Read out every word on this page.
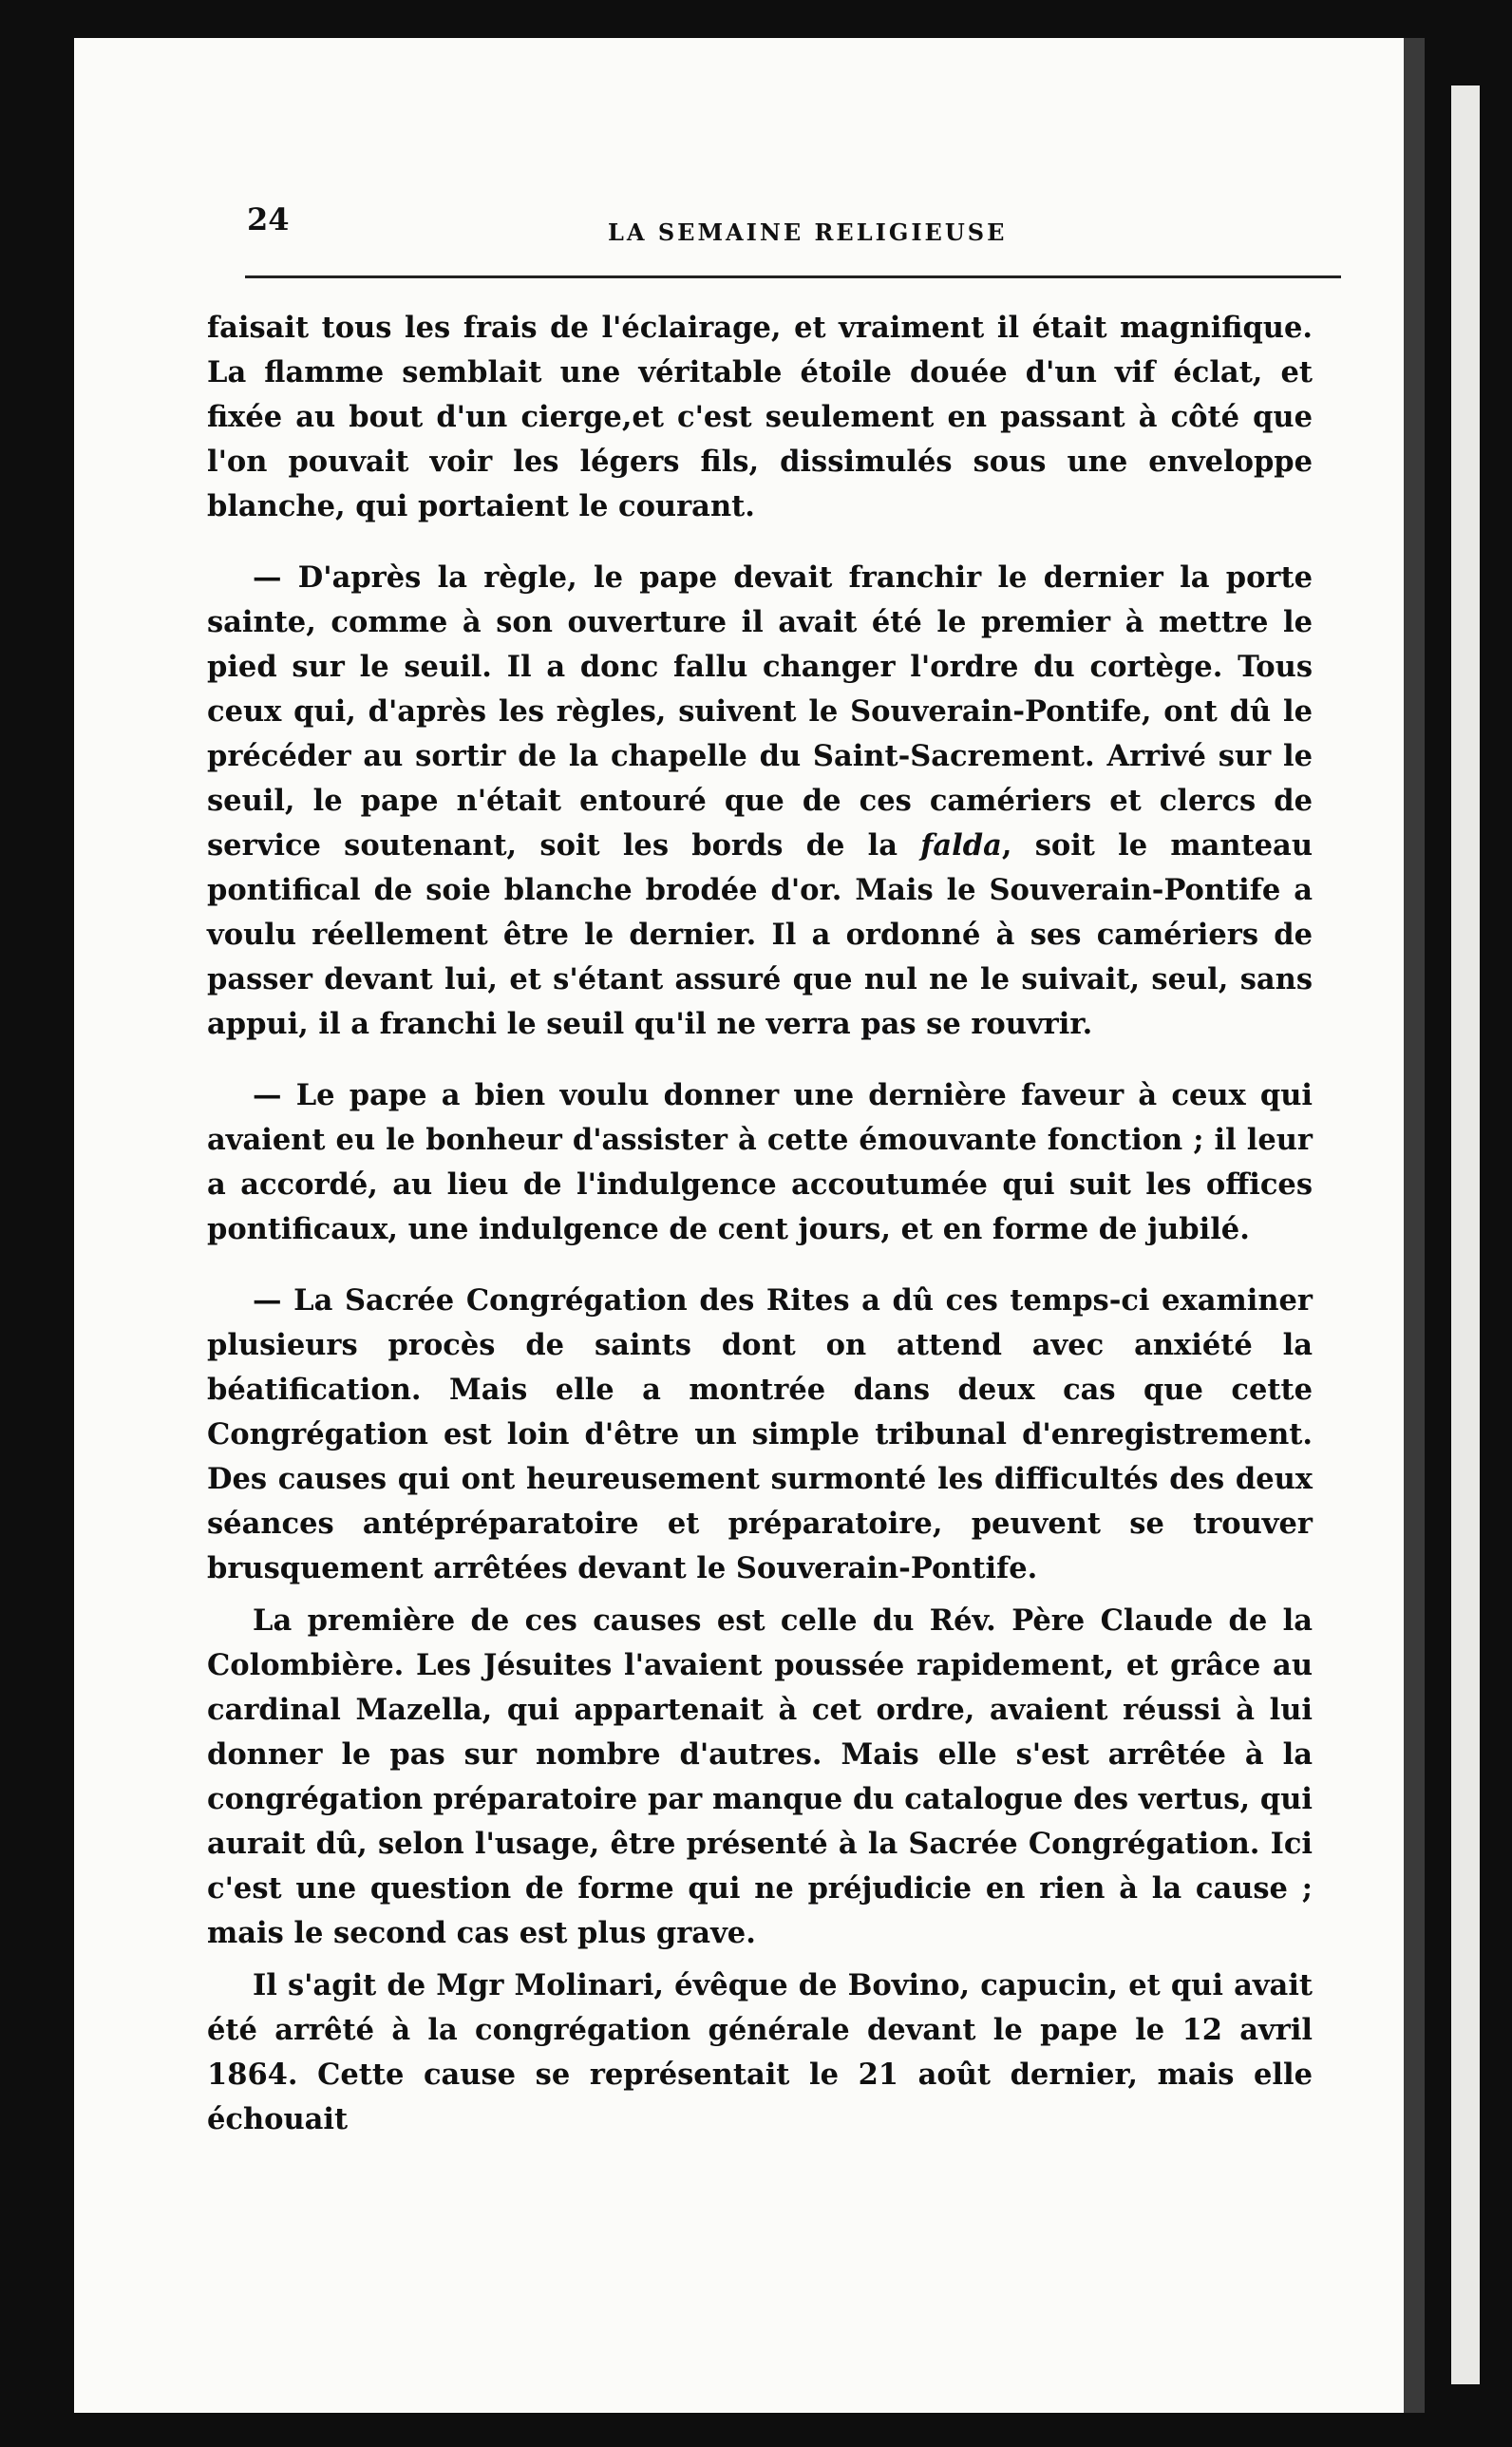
24	LA SEMAINE RELIGIEUSE

faisait tous les frais de l'éclairage, et vraiment il était magnifique. La flamme semblait une véritable étoile douée d'un vif éclat, et fixée au bout d'un cierge,et c'est seulement en passant à côté que l'on pouvait voir les légers fils, dissimulés sous une enveloppe blanche, qui portaient le courant.

— D'après la règle, le pape devait franchir le dernier la porte sainte, comme à son ouverture il avait été le premier à mettre le pied sur le seuil. Il a donc fallu changer l'ordre du cortège. Tous ceux qui, d'après les règles, suivent le Souverain-Pontife, ont dû le précéder au sortir de la chapelle du Saint-Sacrement. Arrivé sur le seuil, le pape n'était entouré que de ces camériers et clercs de service soutenant, soit les bords de la falda, soit le manteau pontifical de soie blanche brodée d'or. Mais le Souverain-Pontife a voulu réellement être le dernier. Il a ordonné à ses camériers de passer devant lui, et s'étant assuré que nul ne le suivait, seul, sans appui, il a franchi le seuil qu'il ne verra pas se rouvrir.

— Le pape a bien voulu donner une dernière faveur à ceux qui avaient eu le bonheur d'assister à cette émouvante fonction ; il leur a accordé, au lieu de l'indulgence accoutumée qui suit les offices pontificaux, une indulgence de cent jours, et en forme de jubilé.

— La Sacrée Congrégation des Rites a dû ces temps-ci examiner plusieurs procès de saints dont on attend avec anxiété la béatification. Mais elle a montrée dans deux cas que cette Congrégation est loin d'être un simple tribunal d'enregistrement. Des causes qui ont heureusement surmonté les difficultés des deux séances antépréparatoire et préparatoire, peuvent se trouver brusquement arrêtées devant le Souverain-Pontife.

La première de ces causes est celle du Rév. Père Claude de la Colombière. Les Jésuites l'avaient poussée rapidement, et grâce au cardinal Mazella, qui appartenait à cet ordre, avaient réussi à lui donner le pas sur nombre d'autres. Mais elle s'est arrêtée à la congrégation préparatoire par manque du catalogue des vertus, qui aurait dû, selon l'usage, être présenté à la Sacrée Congrégation. Ici c'est une question de forme qui ne préjudicie en rien à la cause ; mais le second cas est plus grave.

Il s'agit de Mgr Molinari, évêque de Bovino, capucin, et qui avait été arrêté à la congrégation générale devant le pape le 12 avril 1864. Cette cause se représentait le 21 août dernier, mais elle échouait
